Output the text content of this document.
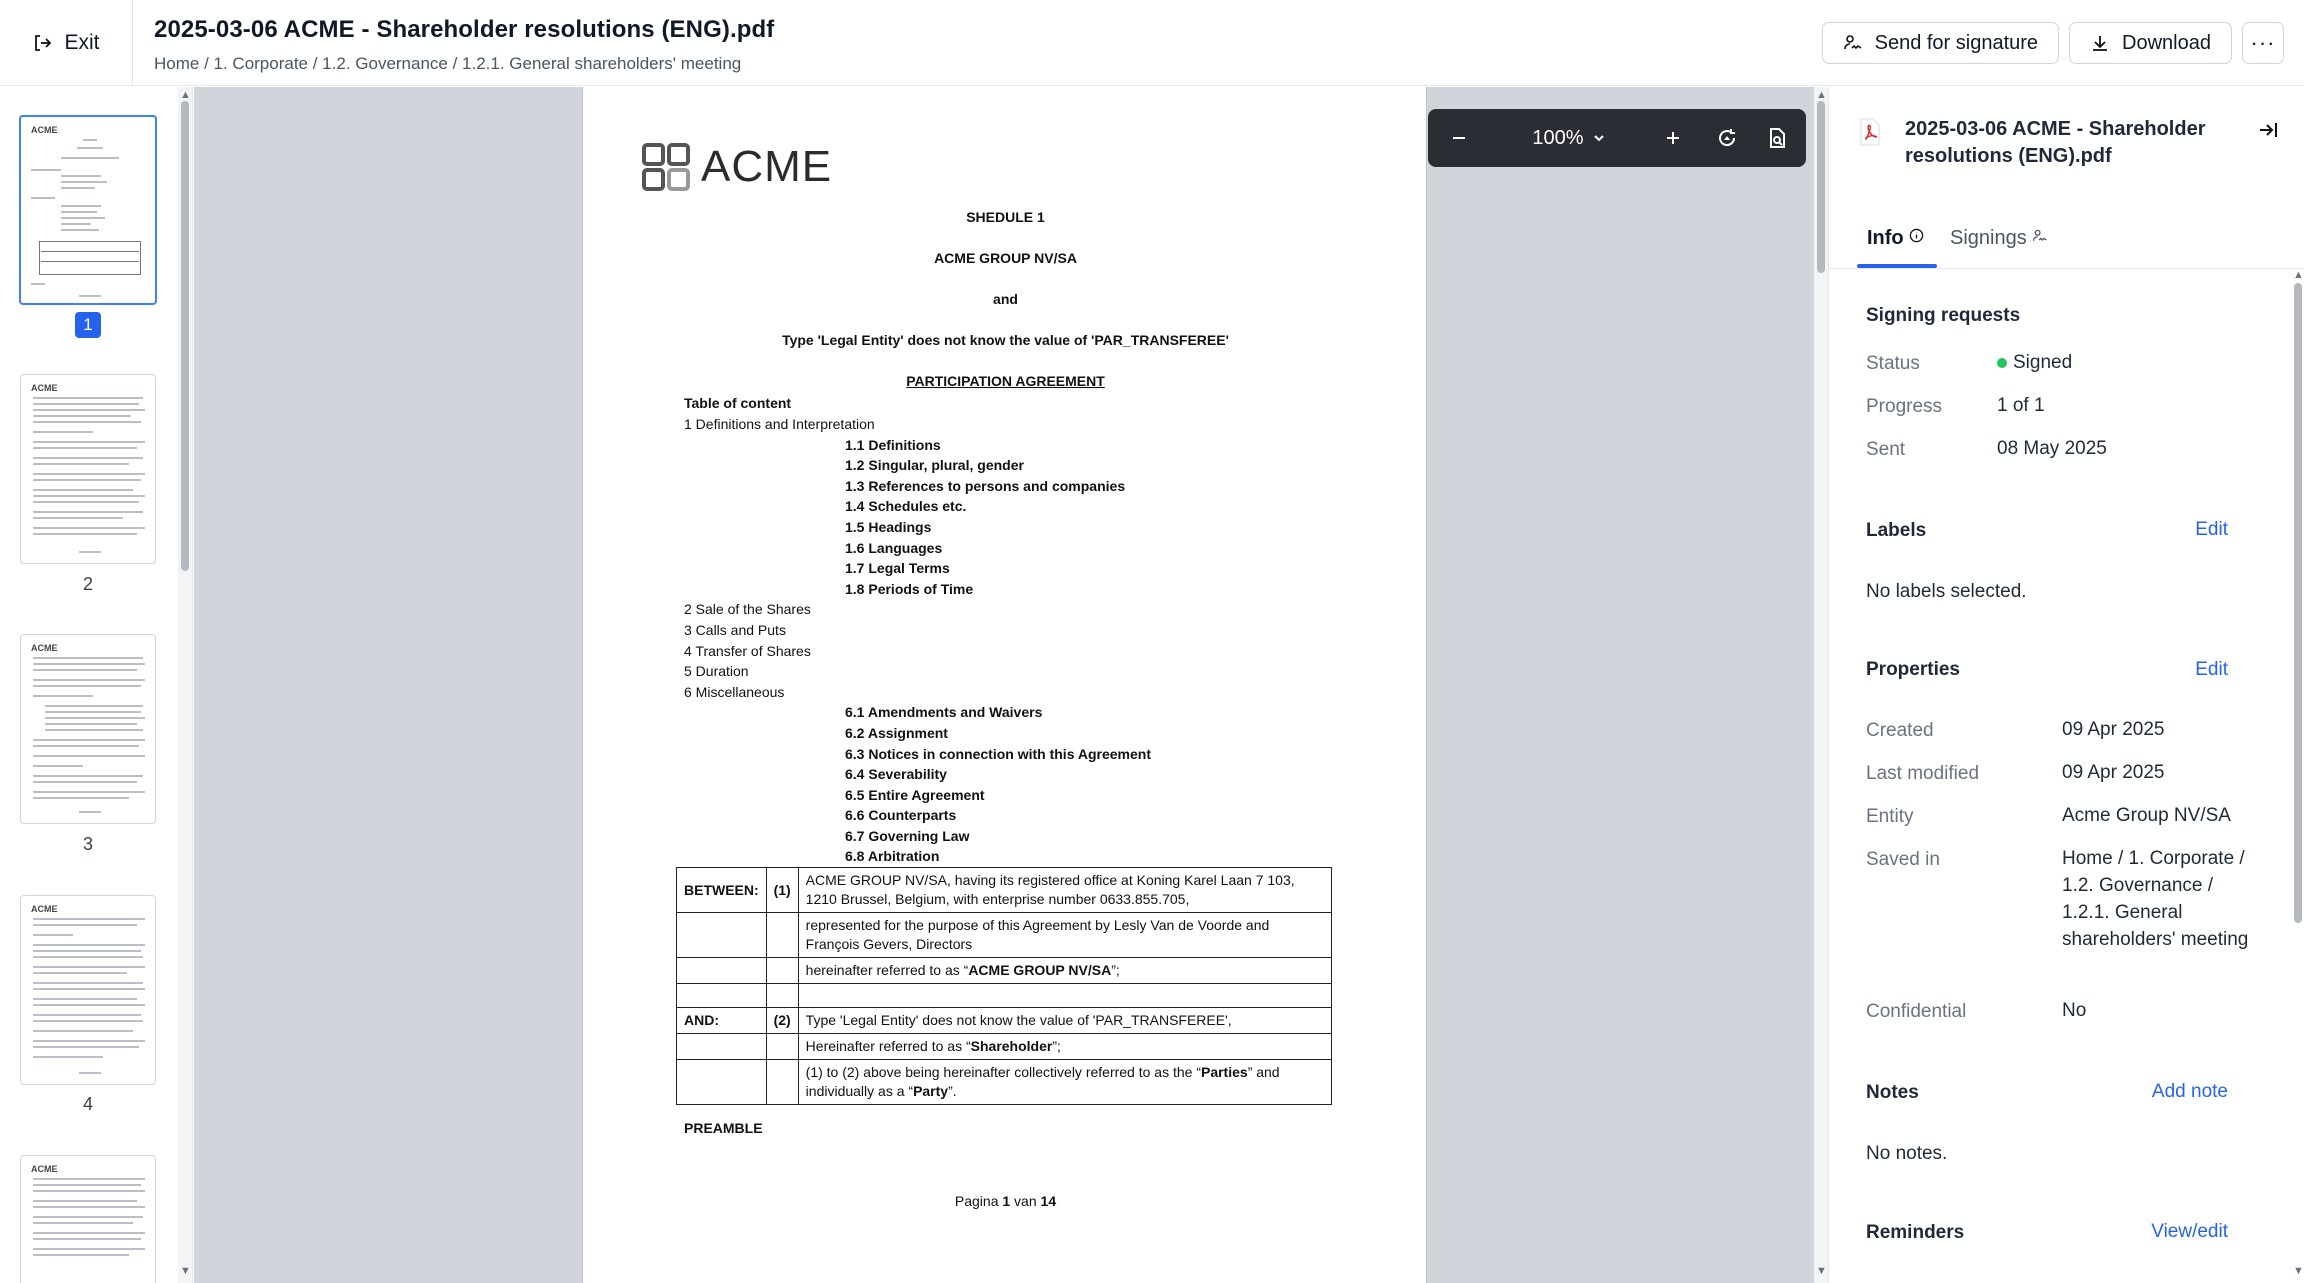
Exit 2025-03-06 ACME - Shareholder resolutions (ENG).pdf
Home / 1. Corporate / 1.2. Governance / 1.2.1. General shareholders' meeting
Send for signature	Download ···
ACME
1
ACME
2
ACME
3
ACME
4
ACME
▲
▼
ACME
SHEDULE 1
ACME GROUP NV/SA
and
Type 'Legal Entity' does not know the value of 'PAR_TRANSFEREE'
PARTICIPATION AGREEMENT
Table of content
1 Definitions and Interpretation
1.1 Definitions
1.2 Singular, plural, gender
1.3 References to persons and companies
1.4 Schedules etc.
1.5 Headings
1.6 Languages
1.7 Legal Terms
1.8 Periods of Time
2 Sale of the Shares
3 Calls and Puts
4 Transfer of Shares
5 Duration
6 Miscellaneous
6.1 Amendments and Waivers
6.2 Assignment
6.3 Notices in connection with this Agreement
6.4 Severability
6.5 Entire Agreement
6.6 Counterparts
6.7 Governing Law
6.8 Arbitration
BETWEEN:	(1)	ACME GROUP NV/SA, having its registered office at Koning Karel Laan 7 103, 1210 Brussel, Belgium, with enterprise number 0633.855.705,
		represented for the purpose of this Agreement by Lesly Van de Voorde and François Gevers, Directors
		hereinafter referred to as “ACME GROUP NV/SA”;

AND:	(2)	Type 'Legal Entity' does not know the value of 'PAR_TRANSFEREE',
		Hereinafter referred to as “Shareholder”;
		(1) to (2) above being hereinafter collectively referred to as the “Parties” and individually as a “Party”.
PREAMBLE
Pagina 1 van 14
100%
▲
▼
2025-03-06 ACME - Shareholder resolutions (ENG).pdf
Info	Signings
Signing requests
Status	Signed
Progress	1 of 1
Sent	08 May 2025
Labels	Edit
No labels selected.
Properties	Edit
Created	09 Apr 2025
Last modified	09 Apr 2025
Entity	Acme Group NV/SA
Saved in	Home / 1. Corporate / 1.2. Governance / 1.2.1. General shareholders' meeting
Confidential	No
Notes	Add note
No notes.
Reminders	View/edit
▲
▼
